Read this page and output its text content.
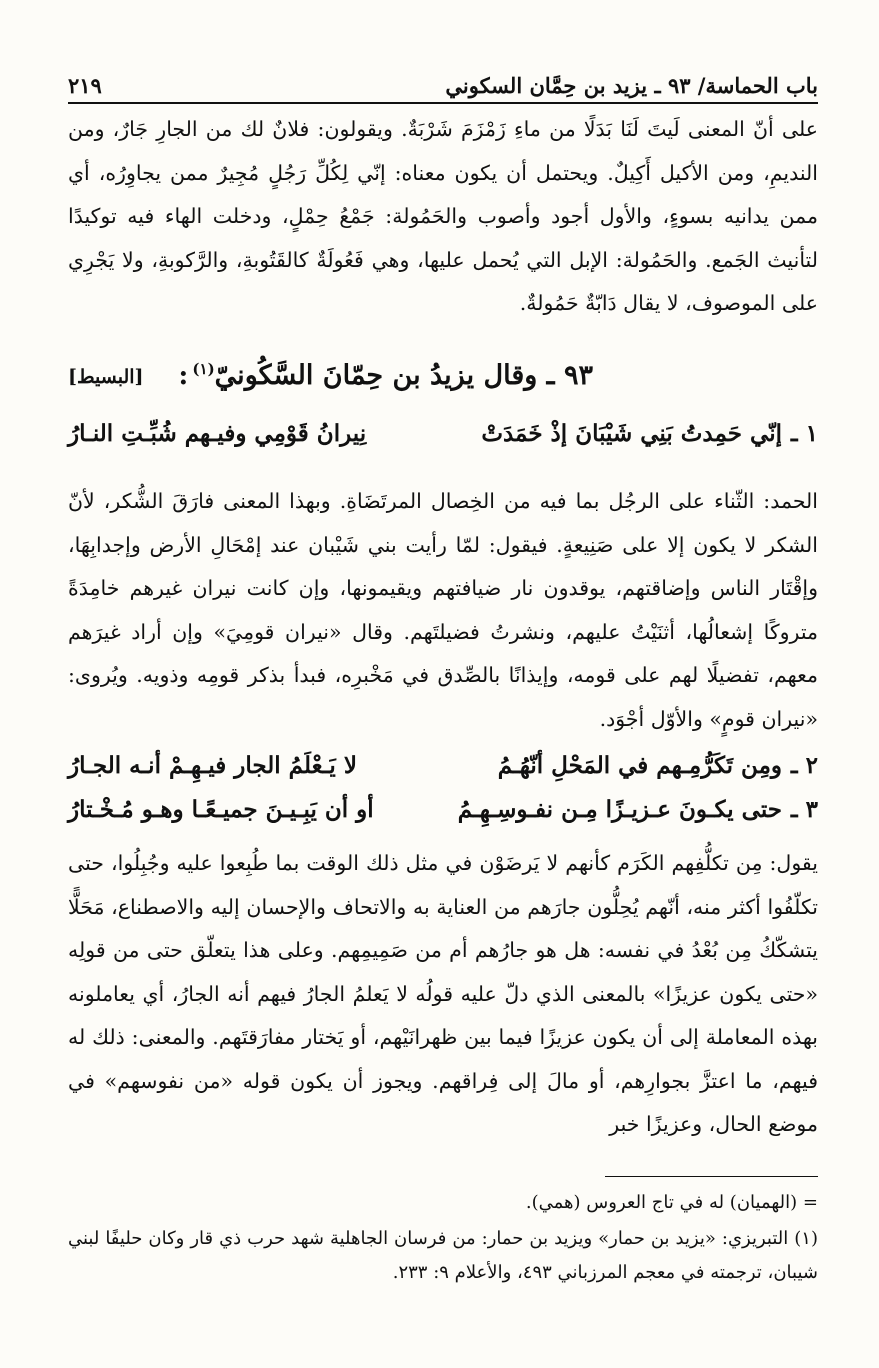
باب الحماسة/ ٩٣ ـ يزيد بن حِمَّان السكوني
٢١٩
على أنّ المعنى لَيتَ لَنَا بَدَلًا من ماءِ زَمْزَمَ شَرْبَةٌ. ويقولون: فلانٌ لك من الجارِ جَارٌ، ومن النديمِ، ومن الأكيل أَكِيلٌ. ويحتمل أن يكون معناه: إنّي لِكُلِّ رَجُلٍ مُجِيرٌ ممن يجاوِرُه، أي ممن يدانيه بسوءٍ، والأول أجود وأصوب والحَمُولة: جَمْعُ حِمْلٍ، ودخلت الهاء فيه توكيدًا لتأنيث الجَمع. والحَمُولة: الإبل التي يُحمل عليها، وهي فَعُولَةٌ كالقَتُوبةِ، والرَّكوبةِ، ولا يَجْرِي على الموصوف، لا يقال دَابّةٌ حَمُولةٌ.
٩٣ ـ وقال يزيدُ بن حِمّانَ السَّكُونيّ$^{(١)}$:
[البسيط]
١ ـ
إنّي حَمِدتُ بَنِي شَيْبَانَ إذْ خَمَدَتْ
نِيرانُ قَوْمِي وفيـهم شُبِّـتِ النـارُ
الحمد: الثّناء على الرجُل بما فيه من الخِصال المرتَضَاةِ. وبهذا المعنى فارَقَ الشُّكر، لأنّ الشكر لا يكون إلا على صَنِيعةٍ. فيقول: لمّا رأيت بني شَيْبان عند إمْحَالِ الأرض وإجدابِهَا، وإقْتَار الناس وإضاقتهم، يوقدون نار ضيافتهم ويقيمونها، وإن كانت نيران غيرهم خامِدَةً متروكًا إشعالُها، أثنَيْتُ عليهم، ونشرتُ فضيلتَهم. وقال «نيران قومِيَ» وإن أراد غيرَهم معهم، تفضيلًا لهم على قومه، وإيذانًا بالصِّدق في مَخْبرِه، فبدأ بذكر قومِه وذويه. ويُروى: «نيران قومٍ» والأوّل أجْوَد.
٢ ـ
ومِن تَكَرُّمِـهم في المَحْلِ أنّهُـمُ
لا يَـعْلَمُ الجار فيـهِـمْ أنـه الجـارُ
٣ ـ
حتى يكـونَ عـزيـزًا مِـن نفـوسِـهِـمُ
أو أن يَبِـيـنَ جميـعًـا وهـو مُـخْـتارُ
يقول: مِن تكلُّفِهم الكَرَم كأنهم لا يَرضَوْن في مثل ذلك الوقت بما طُبِعوا عليه وجُبِلُوا، حتى تكلّفُوا أكثر منه، أنّهم يُحِلُّون جارَهم من العناية به والاتحاف والإحسان إليه والاصطناع، مَحَلًّا يتشكّكُ مِن بُعْدُ في نفسه: هل هو جارُهم أم من صَمِيمِهم. وعلى هذا يتعلّق حتى من قولِه «حتى يكون عزيزًا» بالمعنى الذي دلّ عليه قولُه لا يَعلمُ الجارُ فيهم أنه الجارُ، أي يعاملونه بهذه المعاملة إلى أن يكون عزيزًا فيما بين ظهرانَيْهم، أو يَختار مفارَقتَهم. والمعنى: ذلك له فيهم، ما اعتزَّ بجوارِهم، أو مالَ إلى فِراقهم. ويجوز أن يكون قوله «من نفوسهم» في موضع الحال، وعزيزًا خبر
= (الهميان) له في تاج العروس (همي).
(١) التبريزي: «يزيد بن حمار» ويزيد بن حمار: من فرسان الجاهلية شهد حرب ذي قار وكان حليفًا لبني شيبان، ترجمته في معجم المرزباني ٤٩٣، والأعلام ٩: ٢٣٣.
